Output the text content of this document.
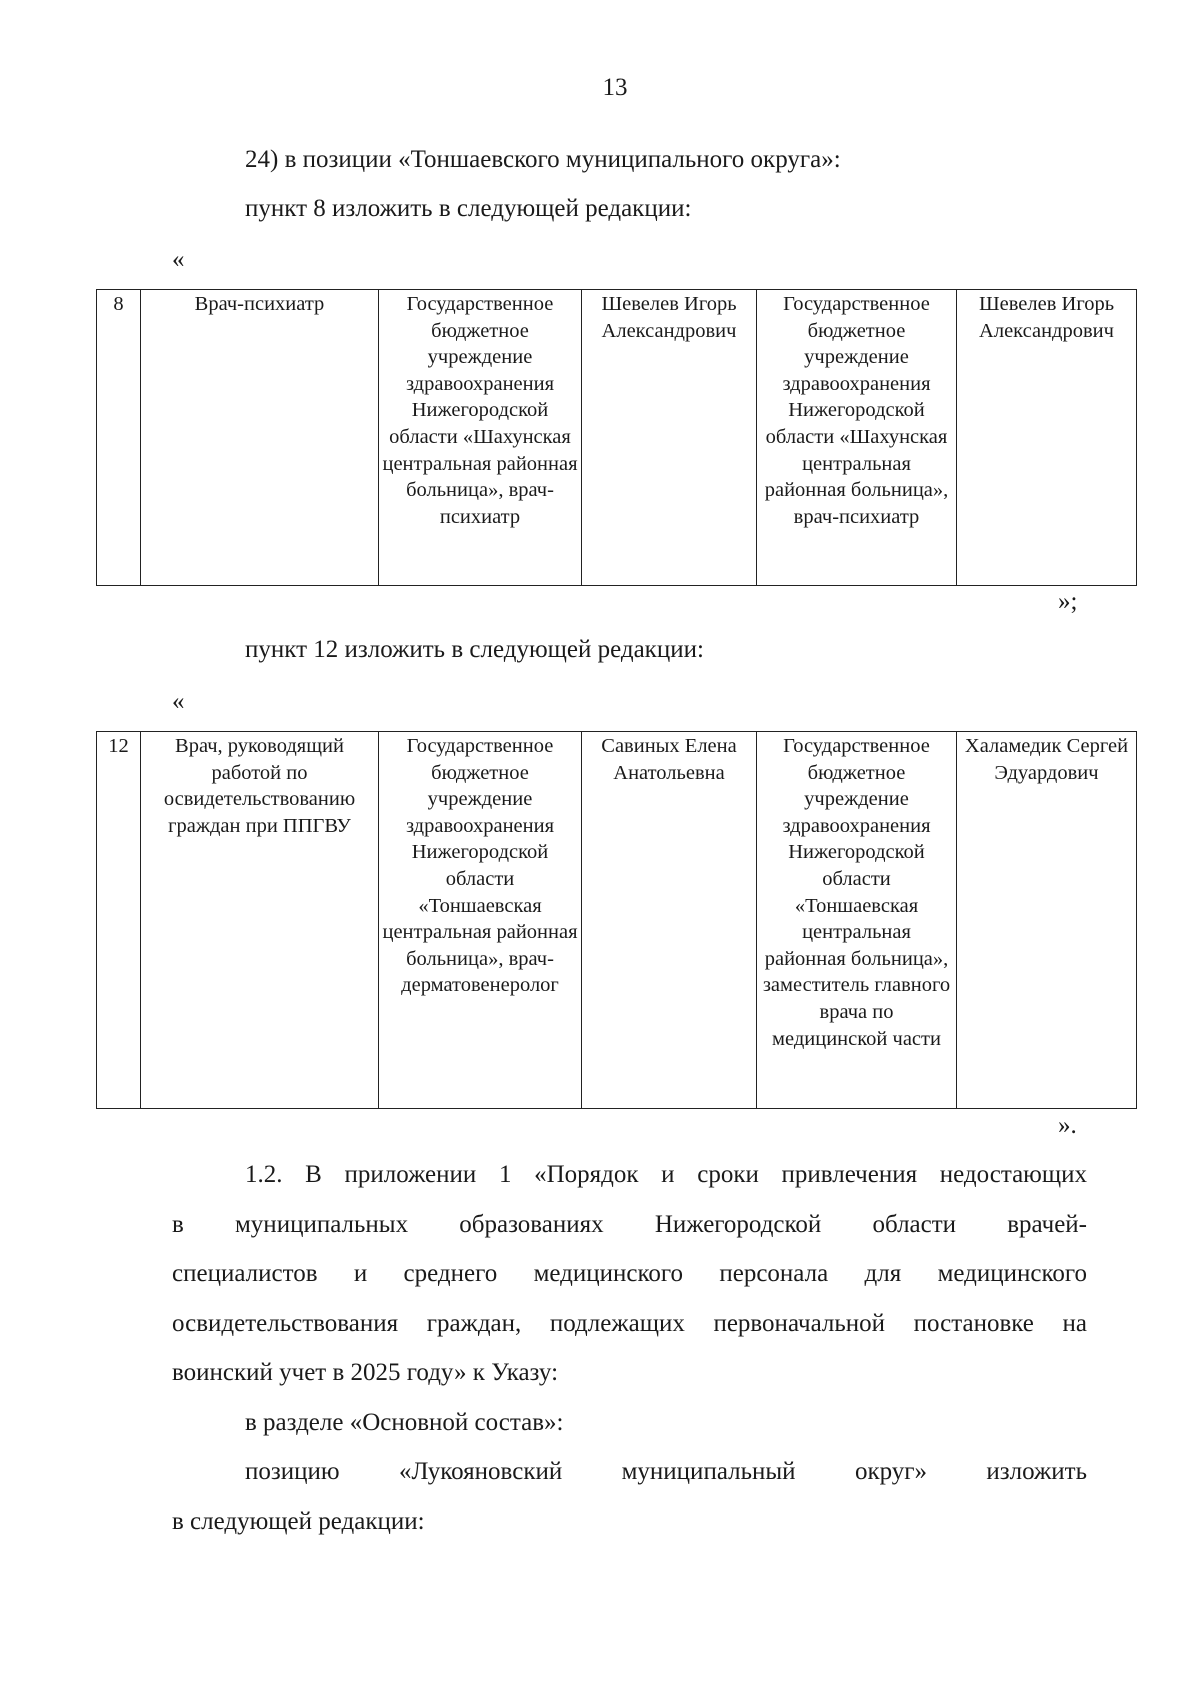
13
24) в позиции «Тоншаевского муниципального округа»:
пункт 8 изложить в следующей редакции:
«
8	Врач-психиатр	Государственное бюджетное учреждение здравоохранения Нижегородской области «Шахунская центральная районная больница», врач-психиатр	Шевелев Игорь Александрович	Государственное бюджетное учреждение здравоохранения Нижегородской области «Шахунская центральная районная больница», врач-психиатр	Шевелев Игорь Александрович
»;
пункт 12 изложить в следующей редакции:
«
12	Врач, руководящий работой по освидетельствованию граждан при ППГВУ	Государственное бюджетное учреждение здравоохранения Нижегородской области «Тоншаевская центральная районная больница», врач-дерматовенеролог	Савиных Елена Анатольевна	Государственное бюджетное учреждение здравоохранения Нижегородской области «Тоншаевская центральная районная больница», заместитель главного врача по медицинской части	Халамедик Сергей Эдуардович
».
1.2. В приложении 1 «Порядок и сроки привлечения недостающих
в муниципальных образованиях Нижегородской области врачей-
специалистов и среднего медицинского персонала для медицинского
освидетельствования граждан, подлежащих первоначальной постановке на
воинский учет в 2025 году» к Указу:
в разделе «Основной состав»:
позицию «Лукояновский муниципальный округ» изложить
в следующей редакции:
